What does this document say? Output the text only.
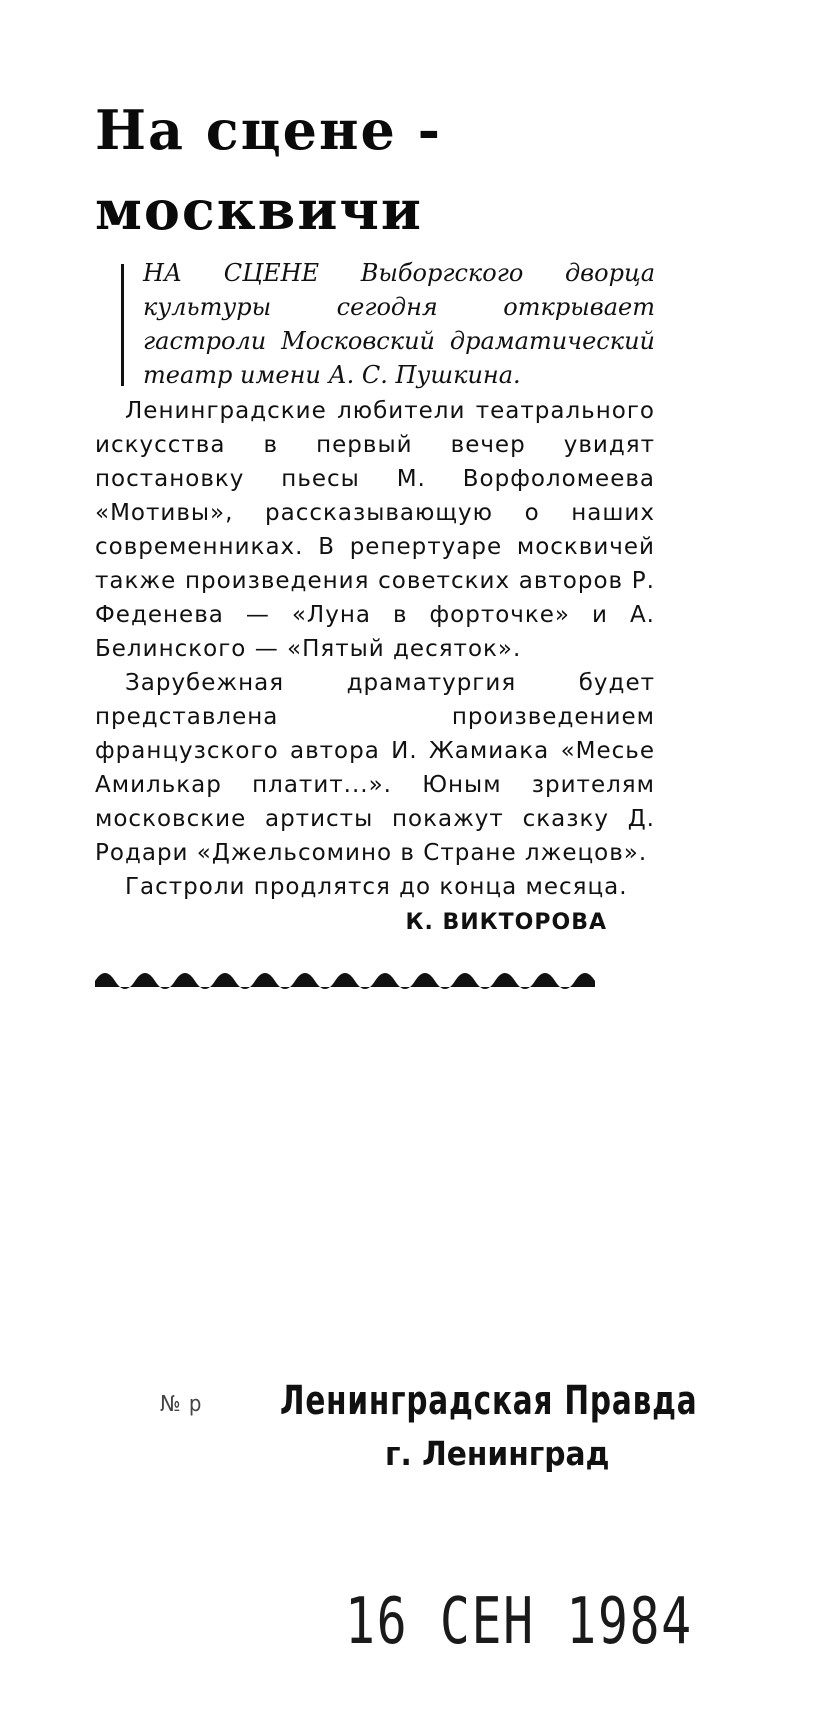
На сцене -
москвичи
НА СЦЕНЕ Выборгского дворца культуры сегодня открывает гастроли Московский драматический театр имени А. С. Пушкина.

Ленинградские любители театрального искусства в первый вечер увидят постановку пьесы М. Ворфоломеева «Мотивы», рассказывающую о наших современниках. В репертуаре москвичей также произведения советских авторов Р. Феденева — «Луна в форточке» и А. Белинского — «Пятый десяток».

Зарубежная драматургия будет представлена произведением французского автора И. Жамиака «Месье Амилькар платит...». Юным зрителям московские артисты покажут сказку Д. Родари «Джельсомино в Стране лжецов».

Гастроли продлятся до конца месяца.

К. ВИКТОРОВА
№ р Ленинградская Правда
г. Ленинград
16 СЕН 1984
